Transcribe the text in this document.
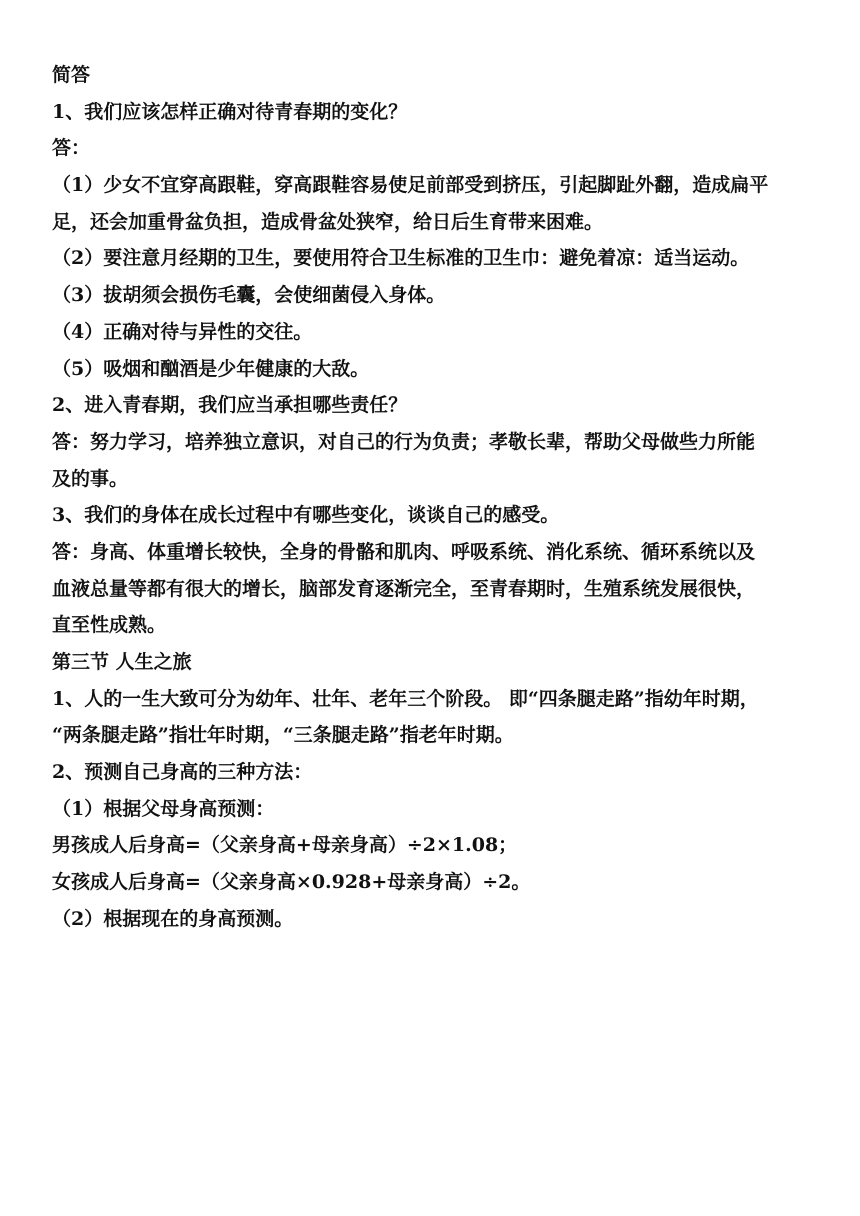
简答
1、我们应该怎样正确对待青春期的变化？
答：
（1）少女不宜穿高跟鞋，穿高跟鞋容易使足前部受到挤压，引起脚趾外翻，造成扁平
足，还会加重骨盆负担，造成骨盆处狭窄，给日后生育带来困难。
（2）要注意月经期的卫生，要使用符合卫生标准的卫生巾：避免着凉：适当运动。
（3）拔胡须会损伤毛囊，会使细菌侵入身体。
（4）正确对待与异性的交往。
（5）吸烟和酗酒是少年健康的大敌。
2、进入青春期，我们应当承担哪些责任？
答：努力学习，培养独立意识，对自己的行为负责；孝敬长辈，帮助父母做些力所能
及的事。
3、我们的身体在成长过程中有哪些变化，谈谈自己的感受。
答：身高、体重增长较快，全身的骨骼和肌肉、呼吸系统、消化系统、循环系统以及
血液总量等都有很大的增长，脑部发育逐渐完全，至青春期时，生殖系统发展很快，
直至性成熟。
第三节 人生之旅
1、人的一生大致可分为幼年、壮年、老年三个阶段。 即“四条腿走路”指幼年时期，
“两条腿走路”指壮年时期，“三条腿走路”指老年时期。
2、预测自己身高的三种方法：
（1）根据父母身高预测：
男孩成人后身高=（父亲身高+母亲身高）÷2×1.08；
女孩成人后身高=（父亲身高×0.928+母亲身高）÷2。
（2）根据现在的身高预测。
